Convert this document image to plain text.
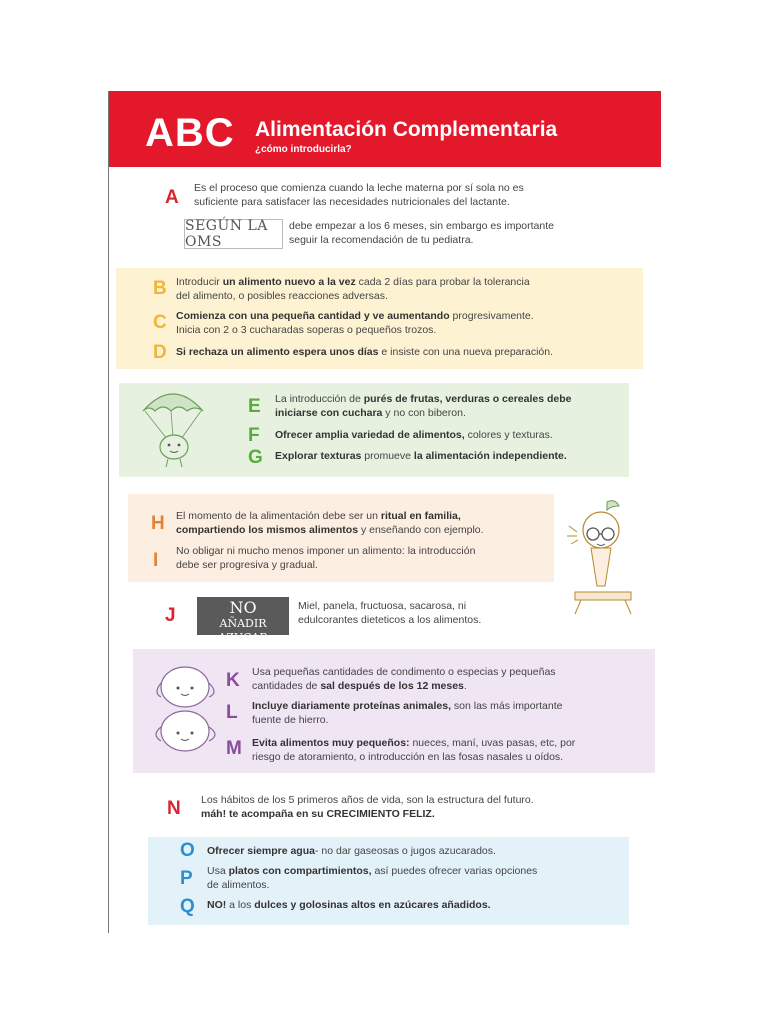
ABC Alimentación Complementaria
¿cómo introducirla?
A Es el proceso que comienza cuando la leche materna por sí sola no es
suficiente para satisfacer las necesidades nutricionales del lactante.
SEGÚN LA OMS
debe empezar a los 6 meses, sin embargo es importante
seguir la recomendación de tu pediatra.
B Introducir un alimento nuevo a la vez cada 2 días para probar la tolerancia
del alimento, o posibles reacciones adversas.
C Comienza con una pequeña cantidad y ve aumentando progresivamente.
Inicia con 2 o 3 cucharadas soperas o pequeños trozos.
D Si rechaza un alimento espera unos días e insiste con una nueva preparación.
E La introducción de purés de frutas, verduras o cereales debe
iniciarse con cuchara y no con biberon.
F Ofrecer amplia variedad de alimentos, colores y texturas.
G Explorar texturas promueve la alimentación independiente.
H El momento de la alimentación debe ser un ritual en familia,
compartiendo los mismos alimentos y enseñando con ejemplo.
I No obligar ni mucho menos imponer un alimento: la introducción
debe ser progresiva y gradual.
J	NO
AÑADIR AZUCAR
Miel, panela, fructuosa, sacarosa, ni
edulcorantes dieteticos a los alimentos.
K Usa pequeñas cantidades de condimento o especias y pequeñas
cantidades de sal después de los 12 meses.
L Incluye diariamente proteínas animales, son las más importante
fuente de hierro.
M Evita alimentos muy pequeños: nueces, maní, uvas pasas, etc, por
riesgo de atoramiento, o introducción en las fosas nasales u oídos.
N Los hábitos de los 5 primeros años de vida, son la estructura del futuro.
máh! te acompaña en su CRECIMIENTO FELIZ.
O Ofrecer siempre agua- no dar gaseosas o jugos azucarados.
P Usa platos con compartimientos, así puedes ofrecer varias opciones
de alimentos.
Q NO! a los dulces y golosinas altos en azúcares añadidos.
